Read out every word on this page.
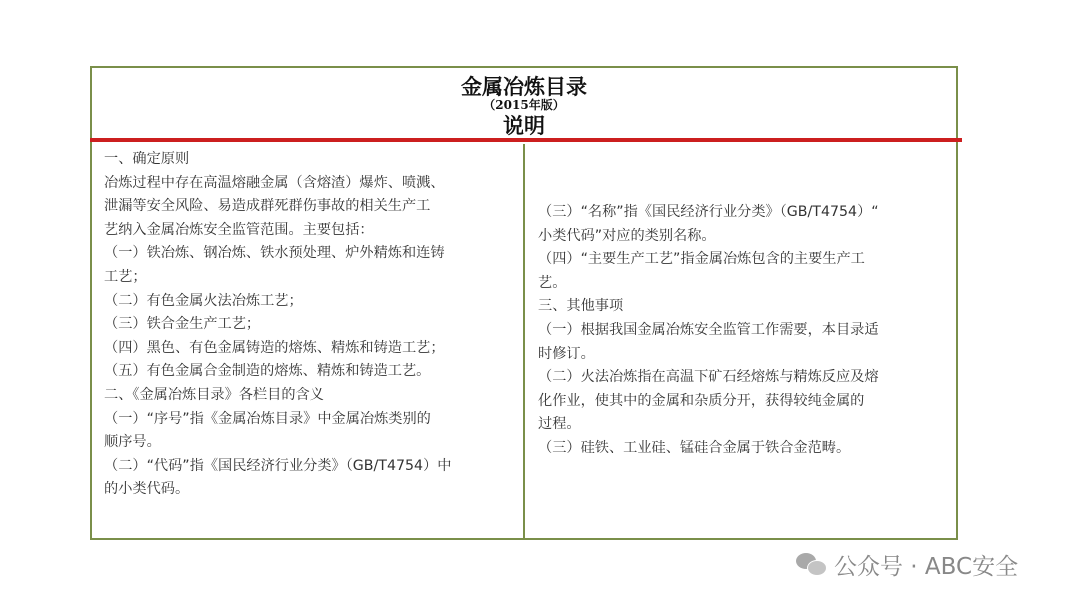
金属冶炼目录
（2015年版）
说明
一、确定原则
冶炼过程中存在高温熔融金属（含熔渣）爆炸、喷溅、
泄漏等安全风险、易造成群死群伤事故的相关生产工
艺纳入金属冶炼安全监管范围。主要包括：
（一）铁冶炼、钢冶炼、铁水预处理、炉外精炼和连铸
工艺；
（二）有色金属火法冶炼工艺；
（三）铁合金生产工艺；
（四）黑色、有色金属铸造的熔炼、精炼和铸造工艺；
（五）有色金属合金制造的熔炼、精炼和铸造工艺。
二、《金属冶炼目录》各栏目的含义
（一）“序号”指《金属冶炼目录》中金属冶炼类别的
顺序号。
（二）“代码”指《国民经济行业分类》（GB/T4754）中
的小类代码。
（三）“名称”指《国民经济行业分类》（GB/T4754）“
小类代码”对应的类别名称。
（四）“主要生产工艺”指金属冶炼包含的主要生产工
艺。
三、其他事项
（一）根据我国金属冶炼安全监管工作需要，本目录适
时修订。
（二）火法冶炼指在高温下矿石经熔炼与精炼反应及熔
化作业，使其中的金属和杂质分开，获得较纯金属的
过程。
（三）硅铁、工业硅、锰硅合金属于铁合金范畴。
公众号 · ABC安全
